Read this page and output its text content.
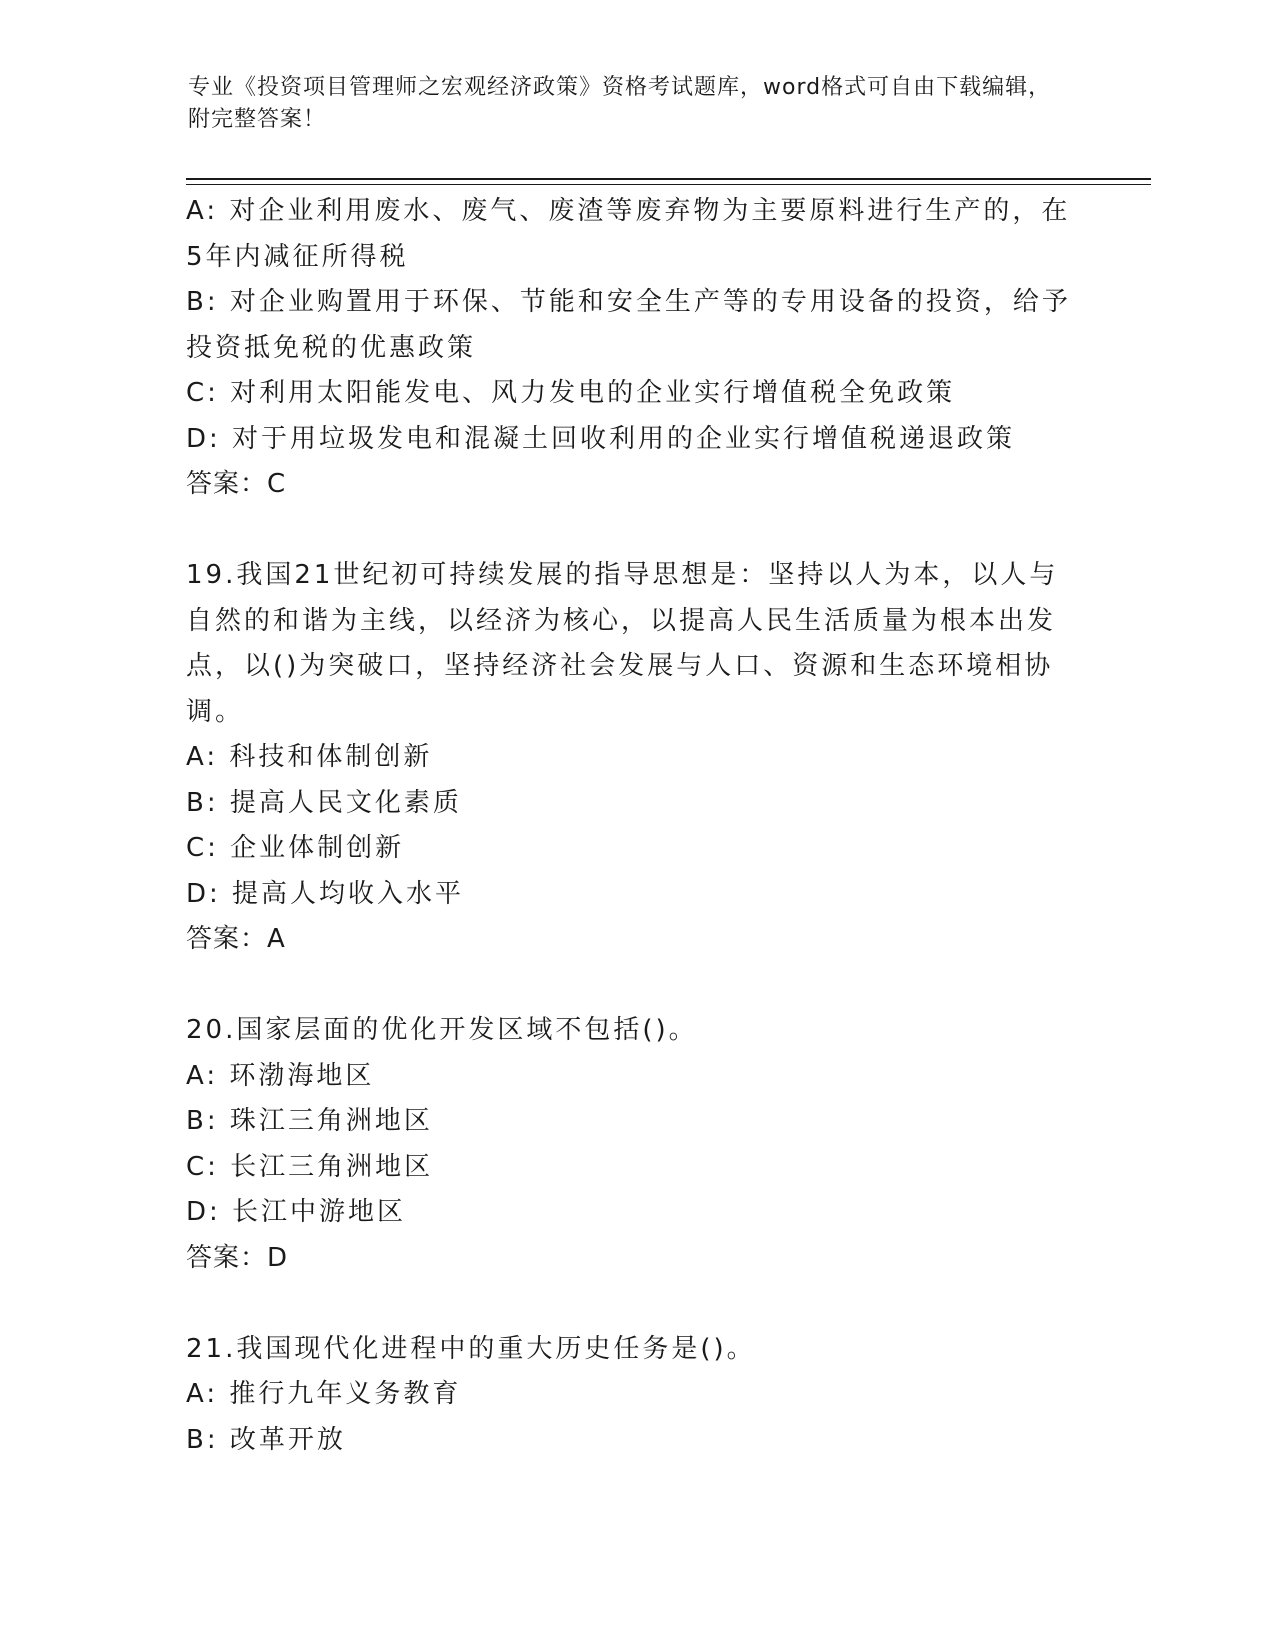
专业《投资项目管理师之宏观经济政策》资格考试题库，word格式可自由下载编辑，附完整答案！
A: 对企业利用废水、废气、废渣等废弃物为主要原料进行生产的，在
5年内减征所得税
B: 对企业购置用于环保、节能和安全生产等的专用设备的投资，给予
投资抵免税的优惠政策
C: 对利用太阳能发电、风力发电的企业实行增值税全免政策
D: 对于用垃圾发电和混凝土回收利用的企业实行增值税递退政策
答案：C
19.我国21世纪初可持续发展的指导思想是：坚持以人为本，以人与
自然的和谐为主线，以经济为核心，以提高人民生活质量为根本出发
点，以()为突破口，坚持经济社会发展与人口、资源和生态环境相协
调。
A: 科技和体制创新
B: 提高人民文化素质
C: 企业体制创新
D: 提高人均收入水平
答案：A
20.国家层面的优化开发区域不包括()。
A: 环渤海地区
B: 珠江三角洲地区
C: 长江三角洲地区
D: 长江中游地区
答案：D
21.我国现代化进程中的重大历史任务是()。
A: 推行九年义务教育
B: 改革开放
